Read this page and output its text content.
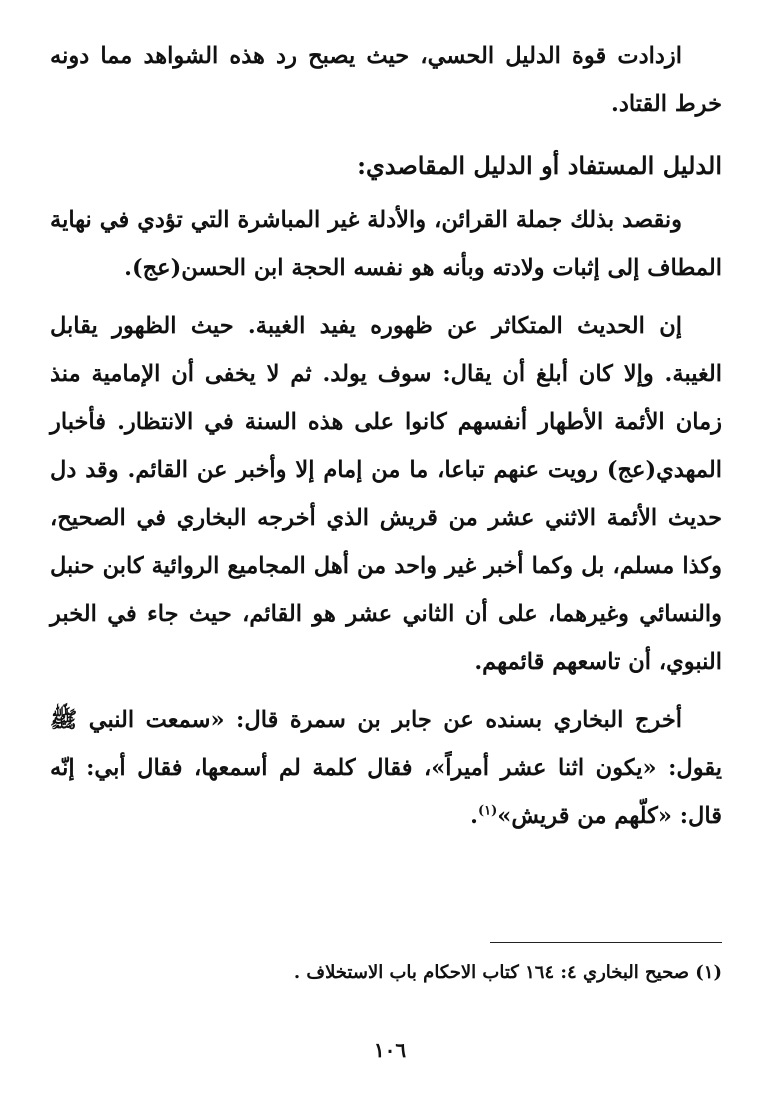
ازدادت قوة الدليل الحسي، حيث يصبح رد هذه الشواهد مما دونه خرط القتاد.

الدليل المستفاد أو الدليل المقاصدي:

ونقصد بذلك جملة القرائن، والأدلة غير المباشرة التي تؤدي في نهاية المطاف إلى إثبات ولادته وبأنه هو نفسه الحجة ابن الحسن(عج).

إن الحديث المتكاثر عن ظهوره يفيد الغيبة. حيث الظهور يقابل الغيبة. وإلا كان أبلغ أن يقال: سوف يولد. ثم لا يخفى أن الإمامية منذ زمان الأئمة الأطهار أنفسهم كانوا على هذه السنة في الانتظار. فأخبار المهدي(عج) رويت عنهم تباعا، ما من إمام إلا وأخبر عن القائم. وقد دل حديث الأئمة الاثني عشر من قريش الذي أخرجه البخاري في الصحيح، وكذا مسلم، بل وكما أخبر غير واحد من أهل المجاميع الروائية كابن حنبل والنسائي وغيرهما، على أن الثاني عشر هو القائم، حيث جاء في الخبر النبوي، أن تاسعهم قائمهم.

أخرج البخاري بسنده عن جابر بن سمرة قال: «سمعت النبي ﷺ يقول: «يكون اثنا عشر أميراً»، فقال كلمة لم أسمعها، فقال أبي: إنّه قال: «كلّهم من قريش»$^{(١)}$.

(١) صحيح البخاري ٤: ١٦٤ كتاب الاحكام باب الاستخلاف .

١٠٦
